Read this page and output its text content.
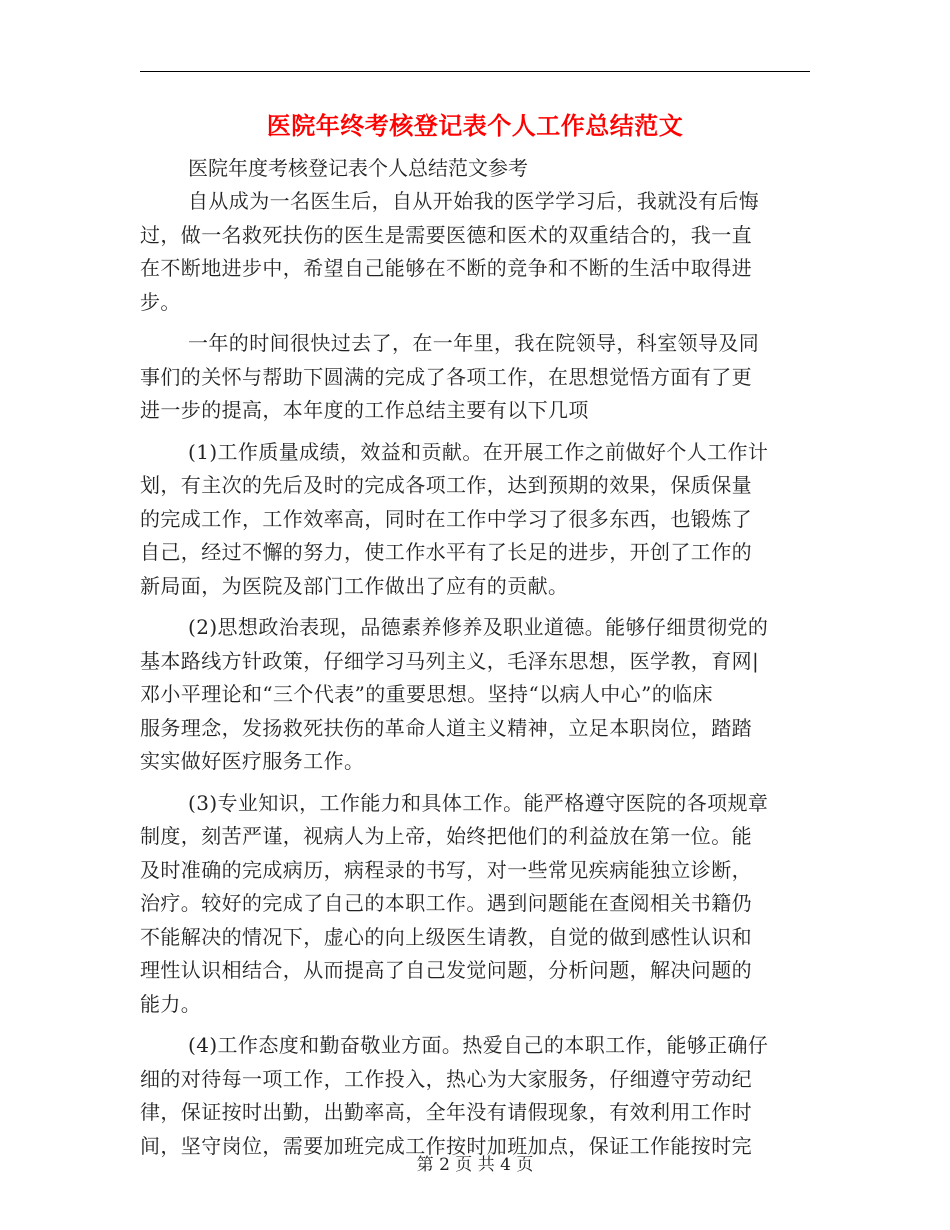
医院年终考核登记表个人工作总结范文

医院年度考核登记表个人总结范文参考

自从成为一名医生后，自从开始我的医学学习后，我就没有后悔
过，做一名救死扶伤的医生是需要医德和医术的双重结合的，我一直
在不断地进步中，希望自己能够在不断的竞争和不断的生活中取得进
步。
一年的时间很快过去了，在一年里，我在院领导，科室领导及同
事们的关怀与帮助下圆满的完成了各项工作，在思想觉悟方面有了更
进一步的提高，本年度的工作总结主要有以下几项
(1)工作质量成绩，效益和贡献。在开展工作之前做好个人工作计
划，有主次的先后及时的完成各项工作，达到预期的效果，保质保量
的完成工作，工作效率高，同时在工作中学习了很多东西，也锻炼了
自己，经过不懈的努力，使工作水平有了长足的进步，开创了工作的
新局面，为医院及部门工作做出了应有的贡献。
(2)思想政治表现，品德素养修养及职业道德。能够仔细贯彻党的
基本路线方针政策，仔细学习马列主义，毛泽东思想，医学教，育网|
邓小平理论和“三个代表”的重要思想。坚持“以病人中心”的临床
服务理念，发扬救死扶伤的革命人道主义精神，立足本职岗位，踏踏
实实做好医疗服务工作。
(3)专业知识，工作能力和具体工作。能严格遵守医院的各项规章
制度，刻苦严谨，视病人为上帝，始终把他们的利益放在第一位。能
及时准确的完成病历，病程录的书写，对一些常见疾病能独立诊断，
治疗。较好的完成了自己的本职工作。遇到问题能在查阅相关书籍仍
不能解决的情况下，虚心的向上级医生请教，自觉的做到感性认识和
理性认识相结合，从而提高了自己发觉问题，分析问题，解决问题的
能力。
(4)工作态度和勤奋敬业方面。热爱自己的本职工作，能够正确仔
细的对待每一项工作，工作投入，热心为大家服务，仔细遵守劳动纪
律，保证按时出勤，出勤率高，全年没有请假现象，有效利用工作时
间，坚守岗位，需要加班完成工作按时加班加点，保证工作能按时完
第 2 页 共 4 页
